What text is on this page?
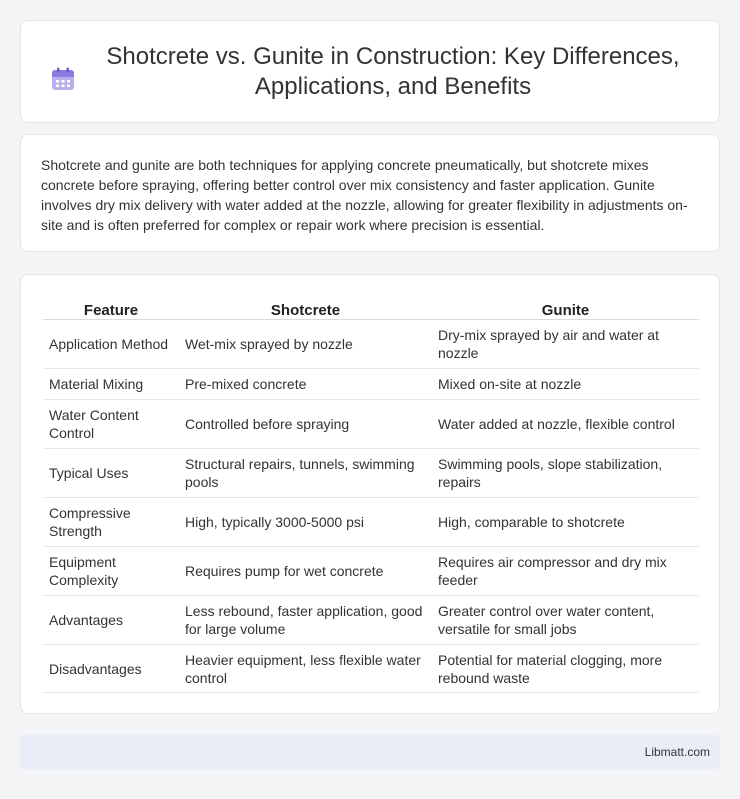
Shotcrete vs. Gunite in Construction: Key Differences, Applications, and Benefits

Shotcrete and gunite are both techniques for applying concrete pneumatically, but shotcrete mixes concrete before spraying, offering better control over mix consistency and faster application. Gunite involves dry mix delivery with water added at the nozzle, allowing for greater flexibility in adjustments on-site and is often preferred for complex or repair work where precision is essential.

Feature	Shotcrete	Gunite
Application Method	Wet-mix sprayed by nozzle	Dry-mix sprayed by air and water at nozzle
Material Mixing	Pre-mixed concrete	Mixed on-site at nozzle
Water Content Control	Controlled before spraying	Water added at nozzle, flexible control
Typical Uses	Structural repairs, tunnels, swimming pools	Swimming pools, slope stabilization, repairs
Compressive Strength	High, typically 3000-5000 psi	High, comparable to shotcrete
Equipment Complexity	Requires pump for wet concrete	Requires air compressor and dry mix feeder
Advantages	Less rebound, faster application, good for large volume	Greater control over water content, versatile for small jobs
Disadvantages	Heavier equipment, less flexible water control	Potential for material clogging, more rebound waste
Libmatt.com
